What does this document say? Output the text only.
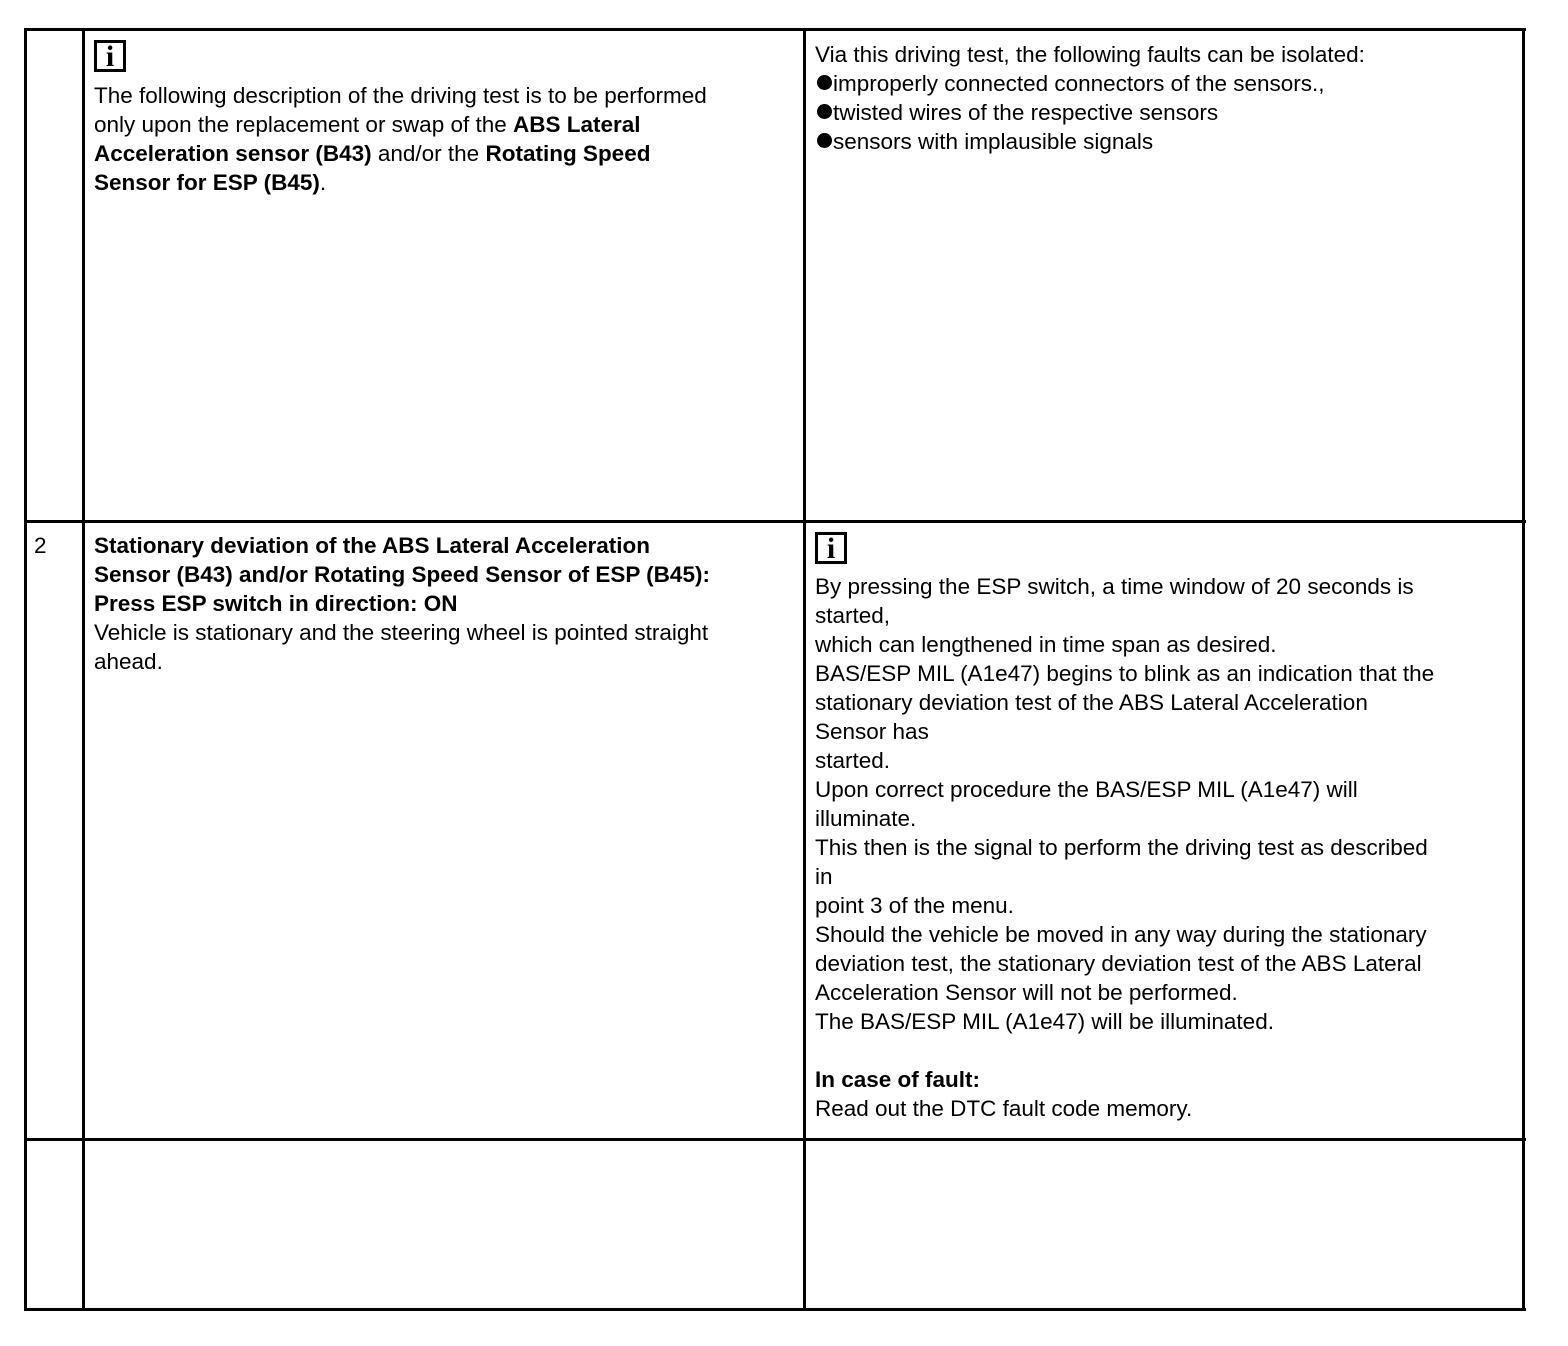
i
The following description of the driving test is to be performed
only upon the replacement or swap of the ABS Lateral
Acceleration sensor (B43) and/or the Rotating Speed
Sensor for ESP (B45).
Via this driving test, the following faults can be isolated:
improperly connected connectors of the sensors.,
twisted wires of the respective sensors
sensors with implausible signals
2	Stationary deviation of the ABS Lateral Acceleration
Sensor (B43) and/or Rotating Speed Sensor of ESP (B45):
Press ESP switch in direction: ON
Vehicle is stationary and the steering wheel is pointed straight
ahead.
i
By pressing the ESP switch, a time window of 20 seconds is
started,
which can lengthened in time span as desired.
BAS/ESP MIL (A1e47) begins to blink as an indication that the
stationary deviation test of the ABS Lateral Acceleration
Sensor has
started.
Upon correct procedure the BAS/ESP MIL (A1e47) will
illuminate.
This then is the signal to perform the driving test as described
in
point 3 of the menu.
Should the vehicle be moved in any way during the stationary
deviation test, the stationary deviation test of the ABS Lateral
Acceleration Sensor will not be performed.
The BAS/ESP MIL (A1e47) will be illuminated.
In case of fault:
Read out the DTC fault code memory.
